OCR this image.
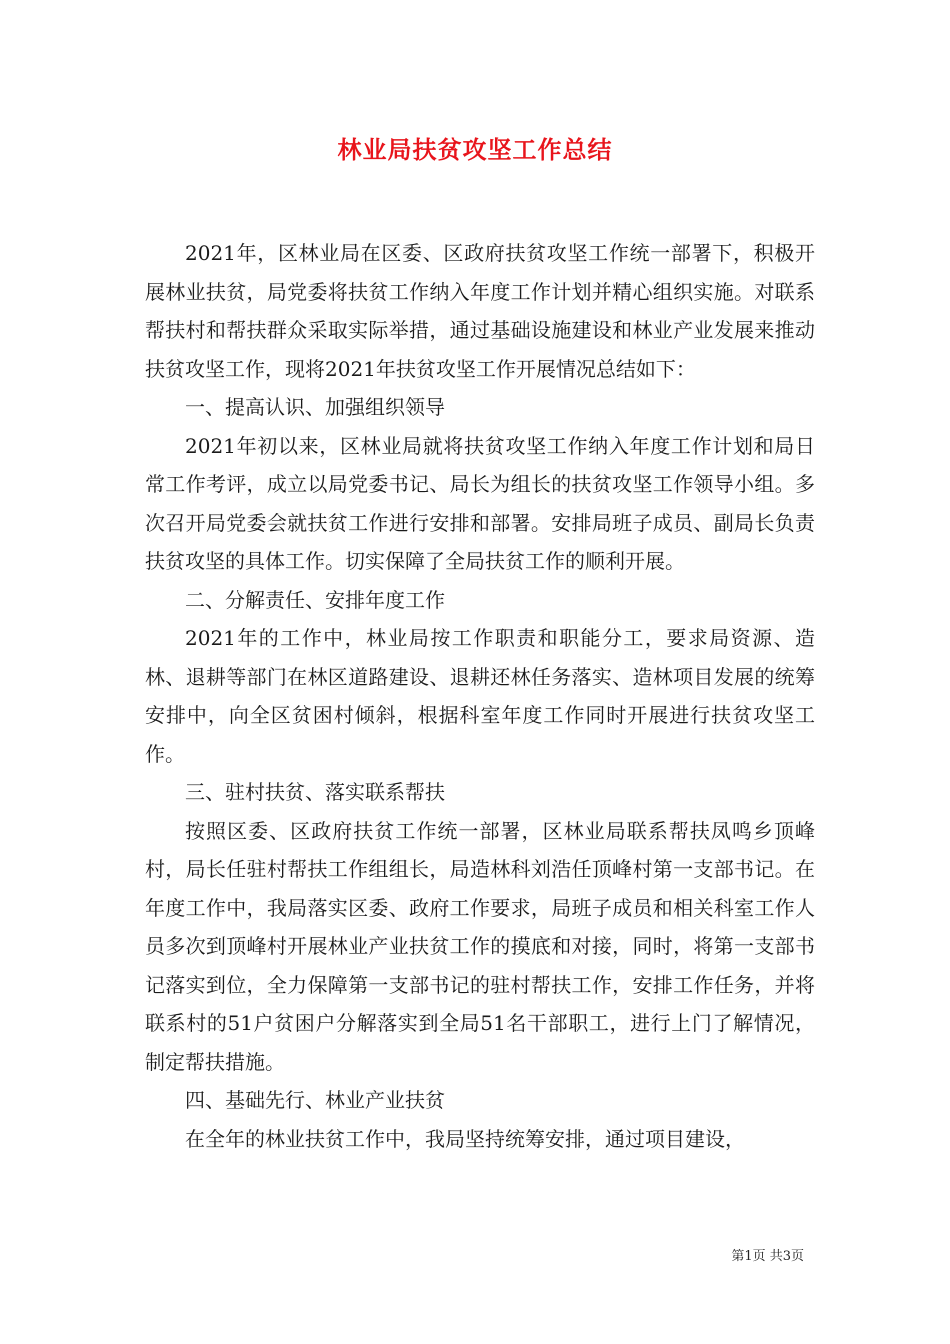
林业局扶贫攻坚工作总结

2021年，区林业局在区委、区政府扶贫攻坚工作统一部署下，积极开展林业扶贫，局党委将扶贫工作纳入年度工作计划并精心组织实施。对联系帮扶村和帮扶群众采取实际举措，通过基础设施建设和林业产业发展来推动扶贫攻坚工作，现将2021年扶贫攻坚工作开展情况总结如下：

一、提高认识、加强组织领导

2021年初以来，区林业局就将扶贫攻坚工作纳入年度工作计划和局日常工作考评，成立以局党委书记、局长为组长的扶贫攻坚工作领导小组。多次召开局党委会就扶贫工作进行安排和部署。安排局班子成员、副局长负责扶贫攻坚的具体工作。切实保障了全局扶贫工作的顺利开展。

二、分解责任、安排年度工作

2021年的工作中，林业局按工作职责和职能分工，要求局资源、造林、退耕等部门在林区道路建设、退耕还林任务落实、造林项目发展的统筹安排中，向全区贫困村倾斜，根据科室年度工作同时开展进行扶贫攻坚工作。

三、驻村扶贫、落实联系帮扶

按照区委、区政府扶贫工作统一部署，区林业局联系帮扶凤鸣乡顶峰村，局长任驻村帮扶工作组组长，局造林科刘浩任顶峰村第一支部书记。在年度工作中，我局落实区委、政府工作要求，局班子成员和相关科室工作人员多次到顶峰村开展林业产业扶贫工作的摸底和对接，同时，将第一支部书记落实到位，全力保障第一支部书记的驻村帮扶工作，安排工作任务，并将联系村的51户贫困户分解落实到全局51名干部职工，进行上门了解情况，制定帮扶措施。

四、基础先行、林业产业扶贫

在全年的林业扶贫工作中，我局坚持统筹安排，通过项目建设，

第1页 共3页
